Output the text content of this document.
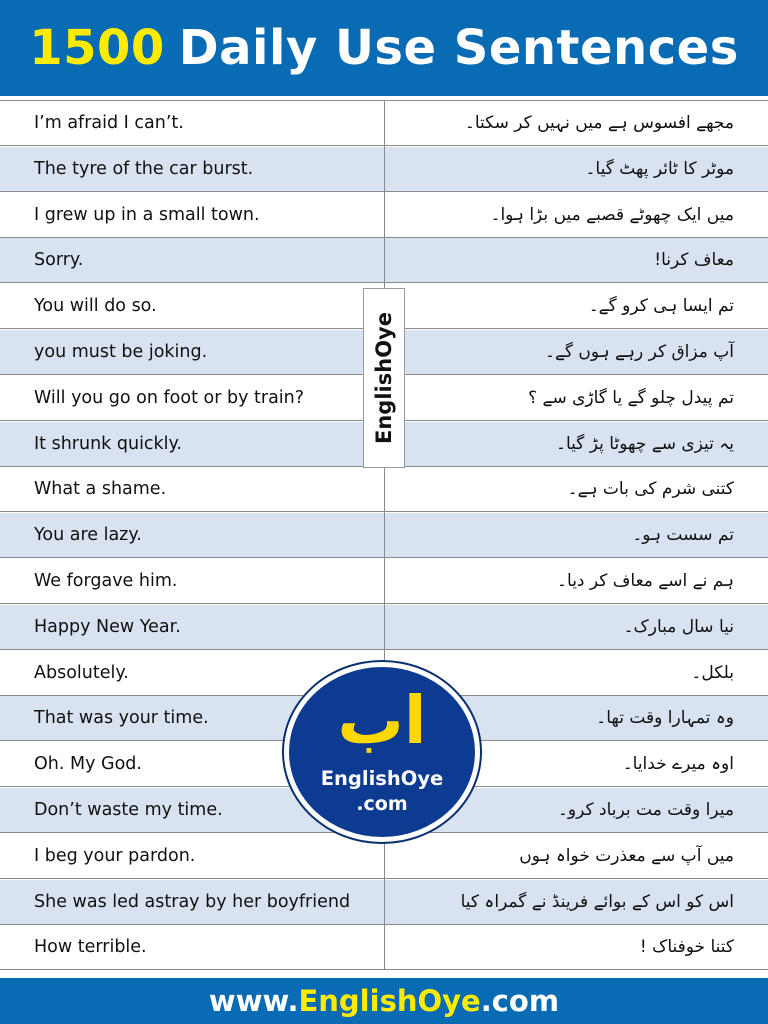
1500 Daily Use Sentences
I’m afraid I can’t.	مجھے افسوس ہے میں نہیں کر سکتا۔
The tyre of the car burst.	موٹر کا ٹائر پھٹ گیا۔
I grew up in a small town.	میں ایک چھوٹے قصبے میں بڑا ہوا۔
Sorry.	معاف کرنا!
You will do so.	تم ایسا ہی کرو گے۔
you must be joking.	آپ مزاق کر رہے ہوں گے۔
Will you go on foot or by train?	تم پیدل چلو گے یا گاڑی سے ؟
It shrunk quickly.	یہ تیزی سے چھوٹا پڑ گیا۔
What a shame.	کتنی شرم کی بات ہے۔
You are lazy.	تم سست ہو۔
We forgave him.	ہم نے اسے معاف کر دیا۔
Happy New Year.	نیا سال مبارک۔
Absolutely.	بلکل۔
That was your time.	وہ تمہارا وقت تھا۔
Oh. My God.	اوہ میرے خدایا۔
Don’t waste my time.	میرا وقت مت برباد کرو۔
I beg your pardon.	میں آپ سے معذرت خواہ ہوں
She was led astray by her boyfriend	اس کو اس کے بوائے فرینڈ نے گمراہ کیا
How terrible.	کتنا خوفناک !
EnglishOye
اب
EnglishOye
.com
www. EnglishOye .com
